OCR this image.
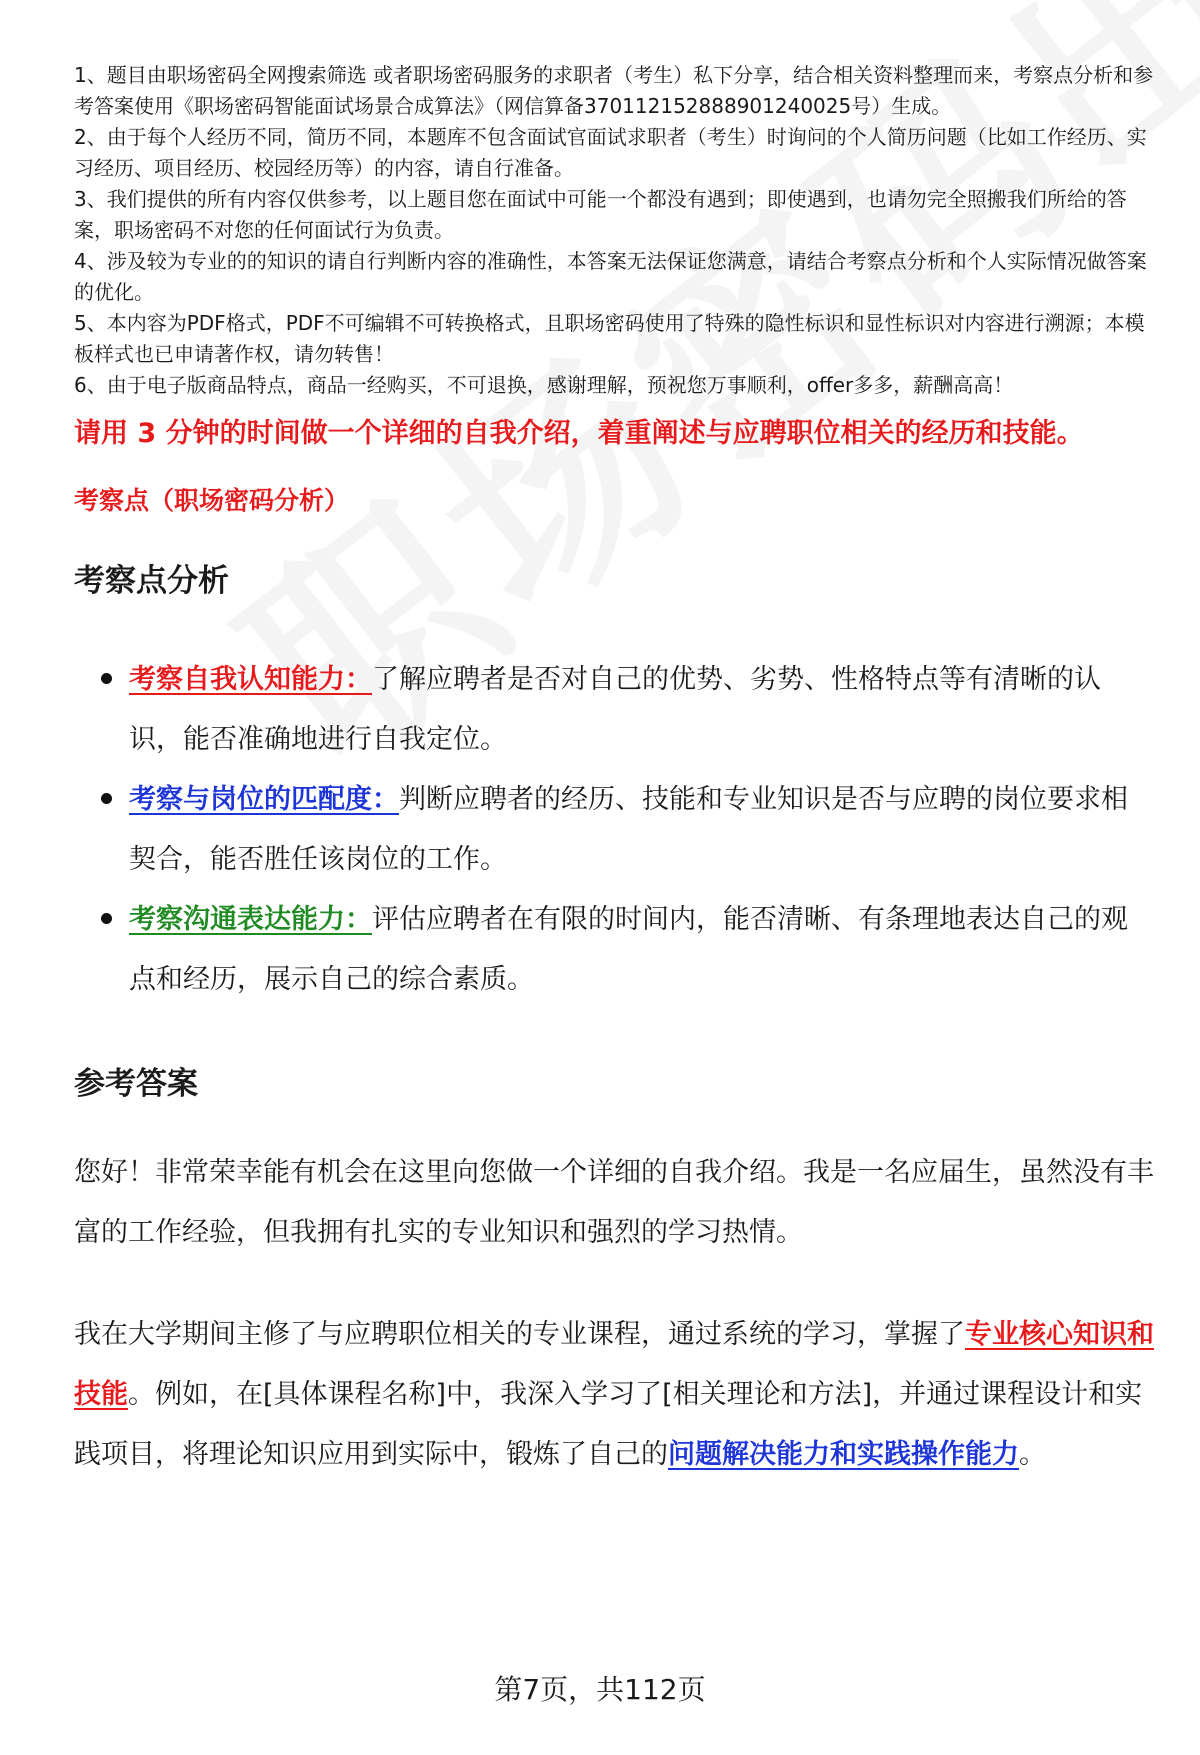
1、题目由职场密码全网搜索筛选 或者职场密码服务的求职者（考生）私下分享，结合相关资料整理而来，考察点分析和参考答案使用《职场密码智能面试场景合成算法》（网信算备370112152888901240025号）生成。

2、由于每个人经历不同，简历不同，本题库不包含面试官面试求职者（考生）时询问的个人简历问题（比如工作经历、实习经历、项目经历、校园经历等）的内容，请自行准备。

3、我们提供的所有内容仅供参考，以上题目您在面试中可能一个都没有遇到；即使遇到，也请勿完全照搬我们所给的答案，职场密码不对您的任何面试行为负责。

4、涉及较为专业的的知识的请自行判断内容的准确性，本答案无法保证您满意，请结合考察点分析和个人实际情况做答案的优化。

5、本内容为PDF格式，PDF不可编辑不可转换格式，且职场密码使用了特殊的隐性标识和显性标识对内容进行溯源；本模板样式也已申请著作权，请勿转售！

6、由于电子版商品特点，商品一经购买，不可退换，感谢理解，预祝您万事顺利，offer多多，薪酬高高！

请用 3 分钟的时间做一个详细的自我介绍，着重阐述与应聘职位相关的经历和技能。
考察点（职场密码分析）
考察点分析
考察自我认知能力：了解应聘者是否对自己的优势、劣势、性格特点等有清晰的认识，能否准确地进行自我定位。
考察与岗位的匹配度：判断应聘者的经历、技能和专业知识是否与应聘的岗位要求相契合，能否胜任该岗位的工作。
考察沟通表达能力：评估应聘者在有限的时间内，能否清晰、有条理地表达自己的观点和经历，展示自己的综合素质。
参考答案

您好！非常荣幸能有机会在这里向您做一个详细的自我介绍。我是一名应届生，虽然没有丰富的工作经验，但我拥有扎实的专业知识和强烈的学习热情。

我在大学期间主修了与应聘职位相关的专业课程，通过系统的学习，掌握了专业核心知识和技能。例如，在[具体课程名称]中，我深入学习了[相关理论和方法]，并通过课程设计和实践项目，将理论知识应用到实际中，锻炼了自己的问题解决能力和实践操作能力。

第7页，共112页
